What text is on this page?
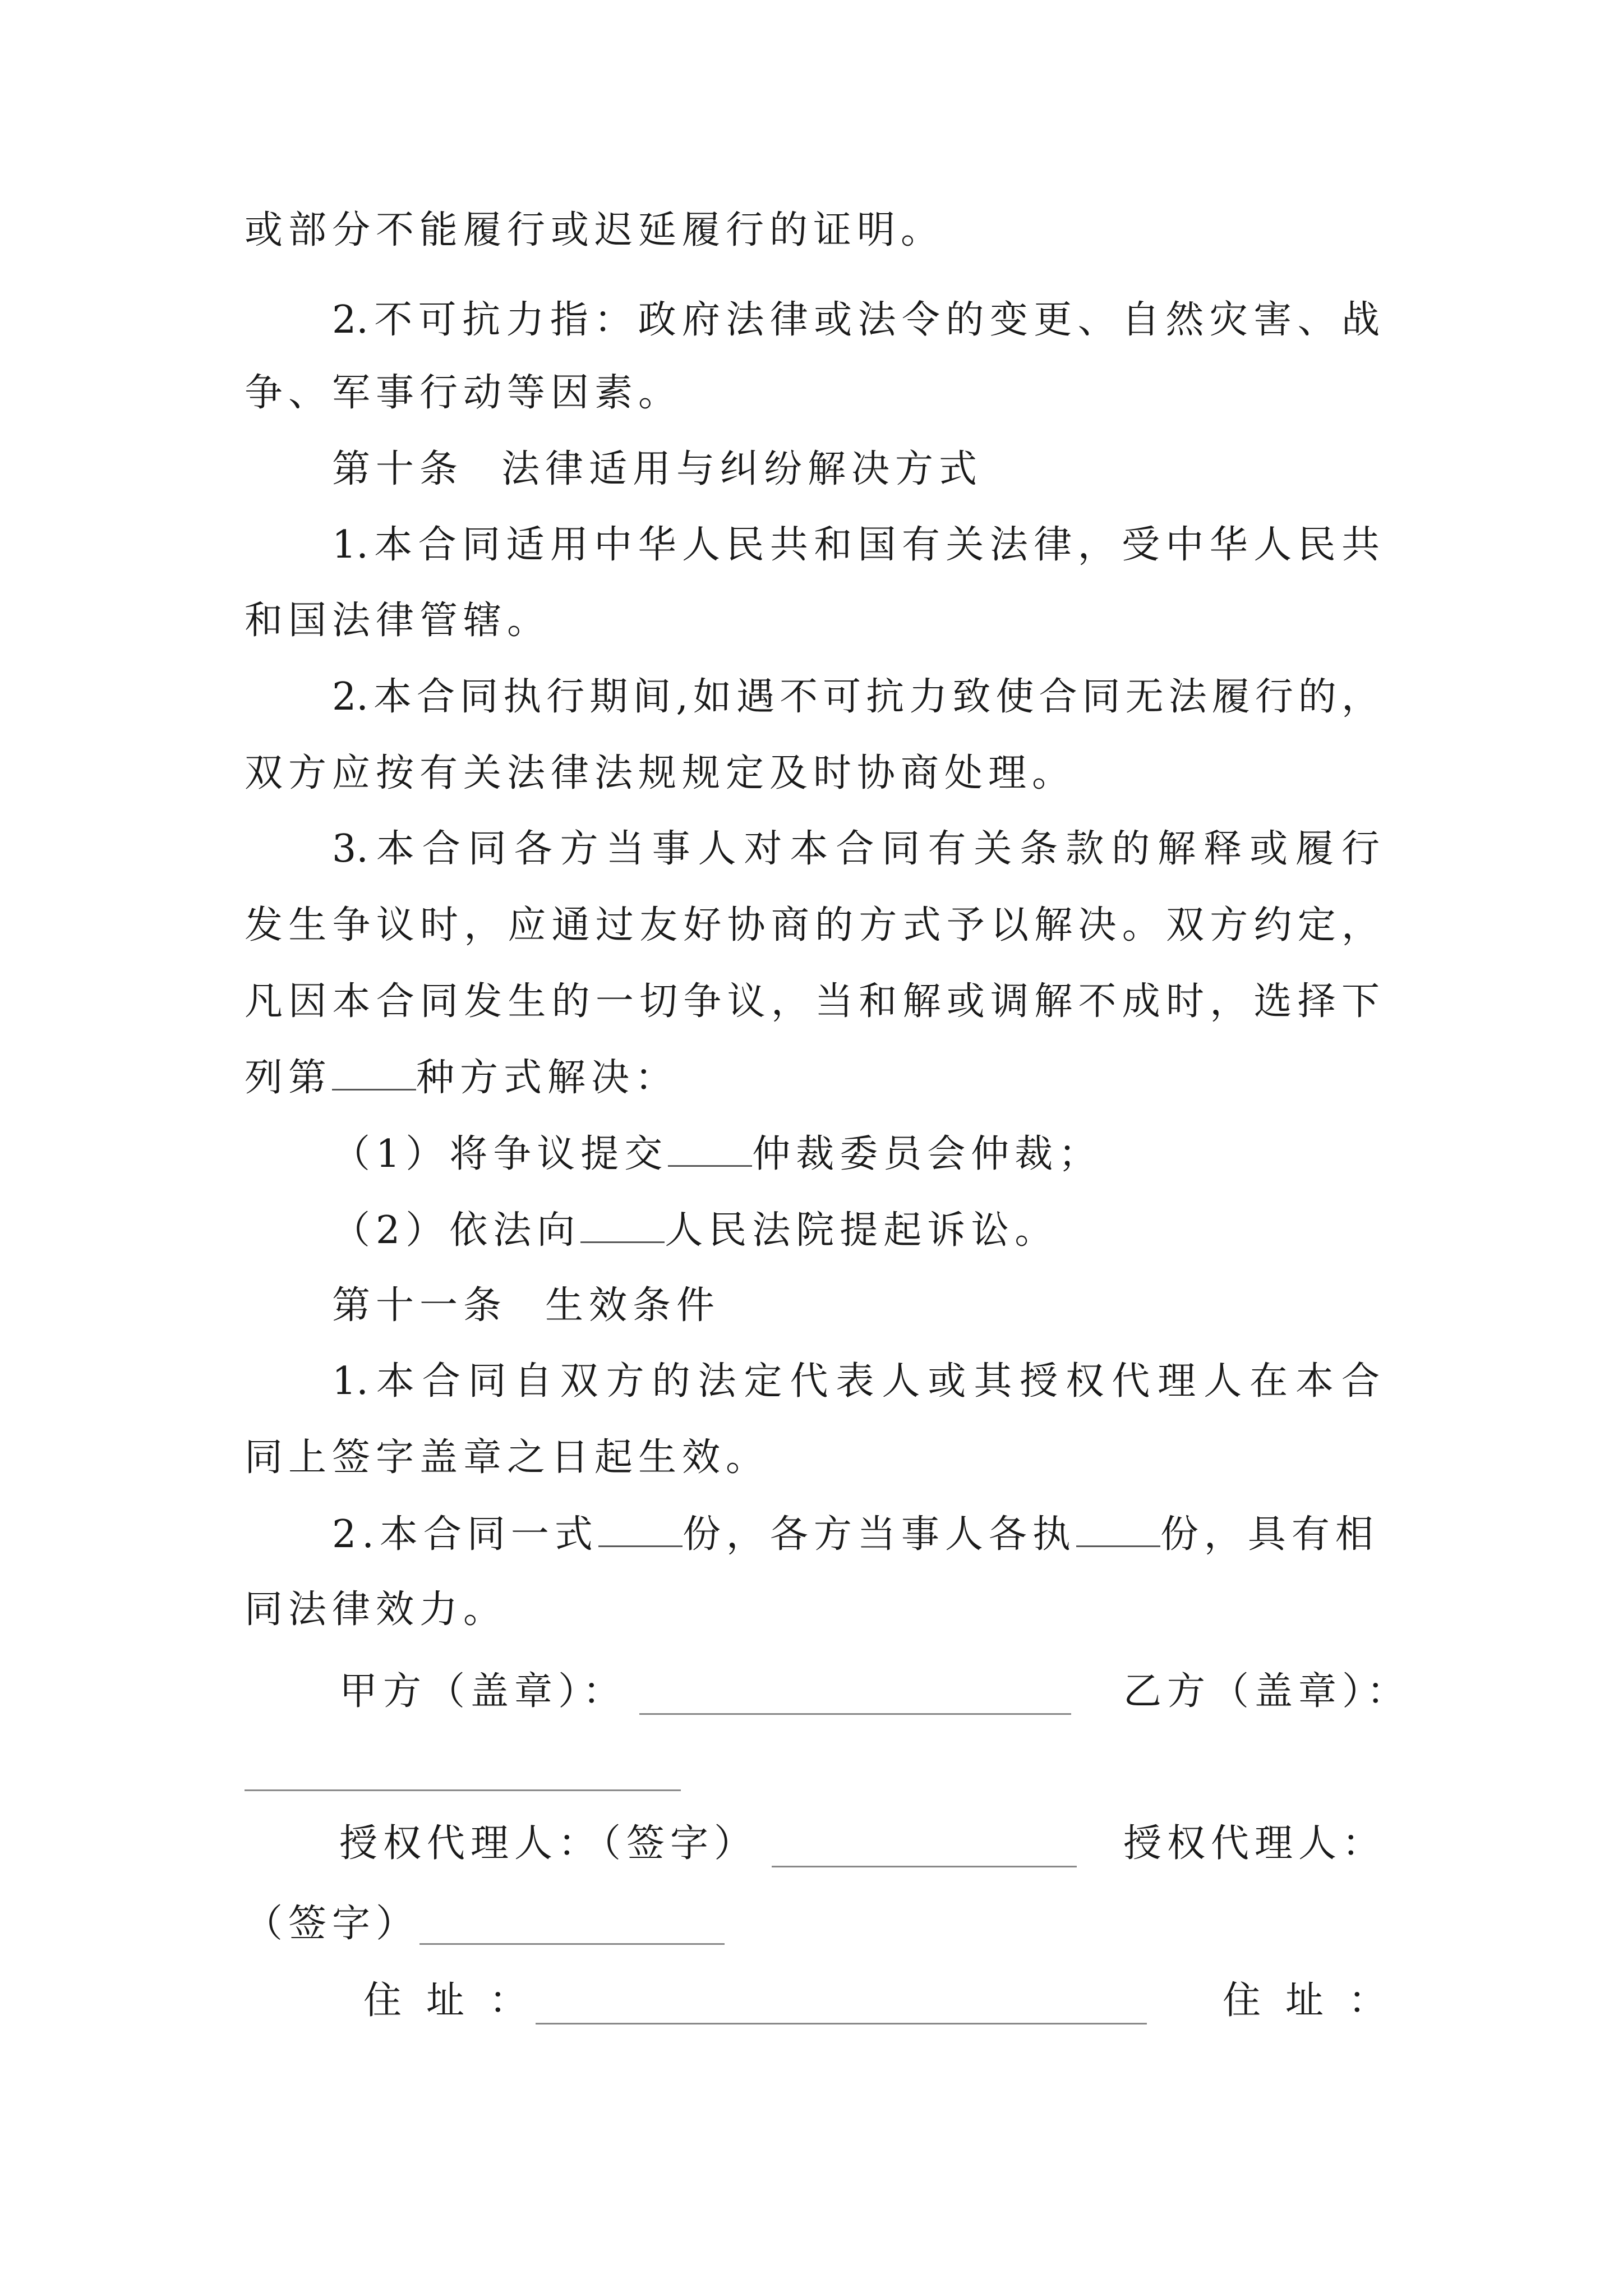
或部分不能履行或迟延履行的证明。
2.不可抗力指：政府法律或法令的变更、自然灾害、战
争、军事行动等因素。
第十条 法律适用与纠纷解决方式
1.本合同适用中华人民共和国有关法律，受中华人民共
和国法律管辖。
2.本合同执行期间,如遇不可抗力致使合同无法履行的，
双方应按有关法律法规规定及时协商处理。
3.本合同各方当事人对本合同有关条款的解释或履行
发生争议时，应通过友好协商的方式予以解决。双方约定，
凡因本合同发生的一切争议，当和解或调解不成时，选择下
列第 种方式解决：
（1）将争议提交 仲裁委员会仲裁；
（2）依法向 人民法院提起诉讼。
第十一条 生效条件
1.本合同自双方的法定代表人或其授权代理人在本合
同上签字盖章之日起生效。
2.本合同一式 份，各方当事人各执 份，具有相
同法律效力。
甲方（盖章）：	乙方（盖章）：
授权代理人：（签字）	授权代理人：
（签字）
住址：	住址：
